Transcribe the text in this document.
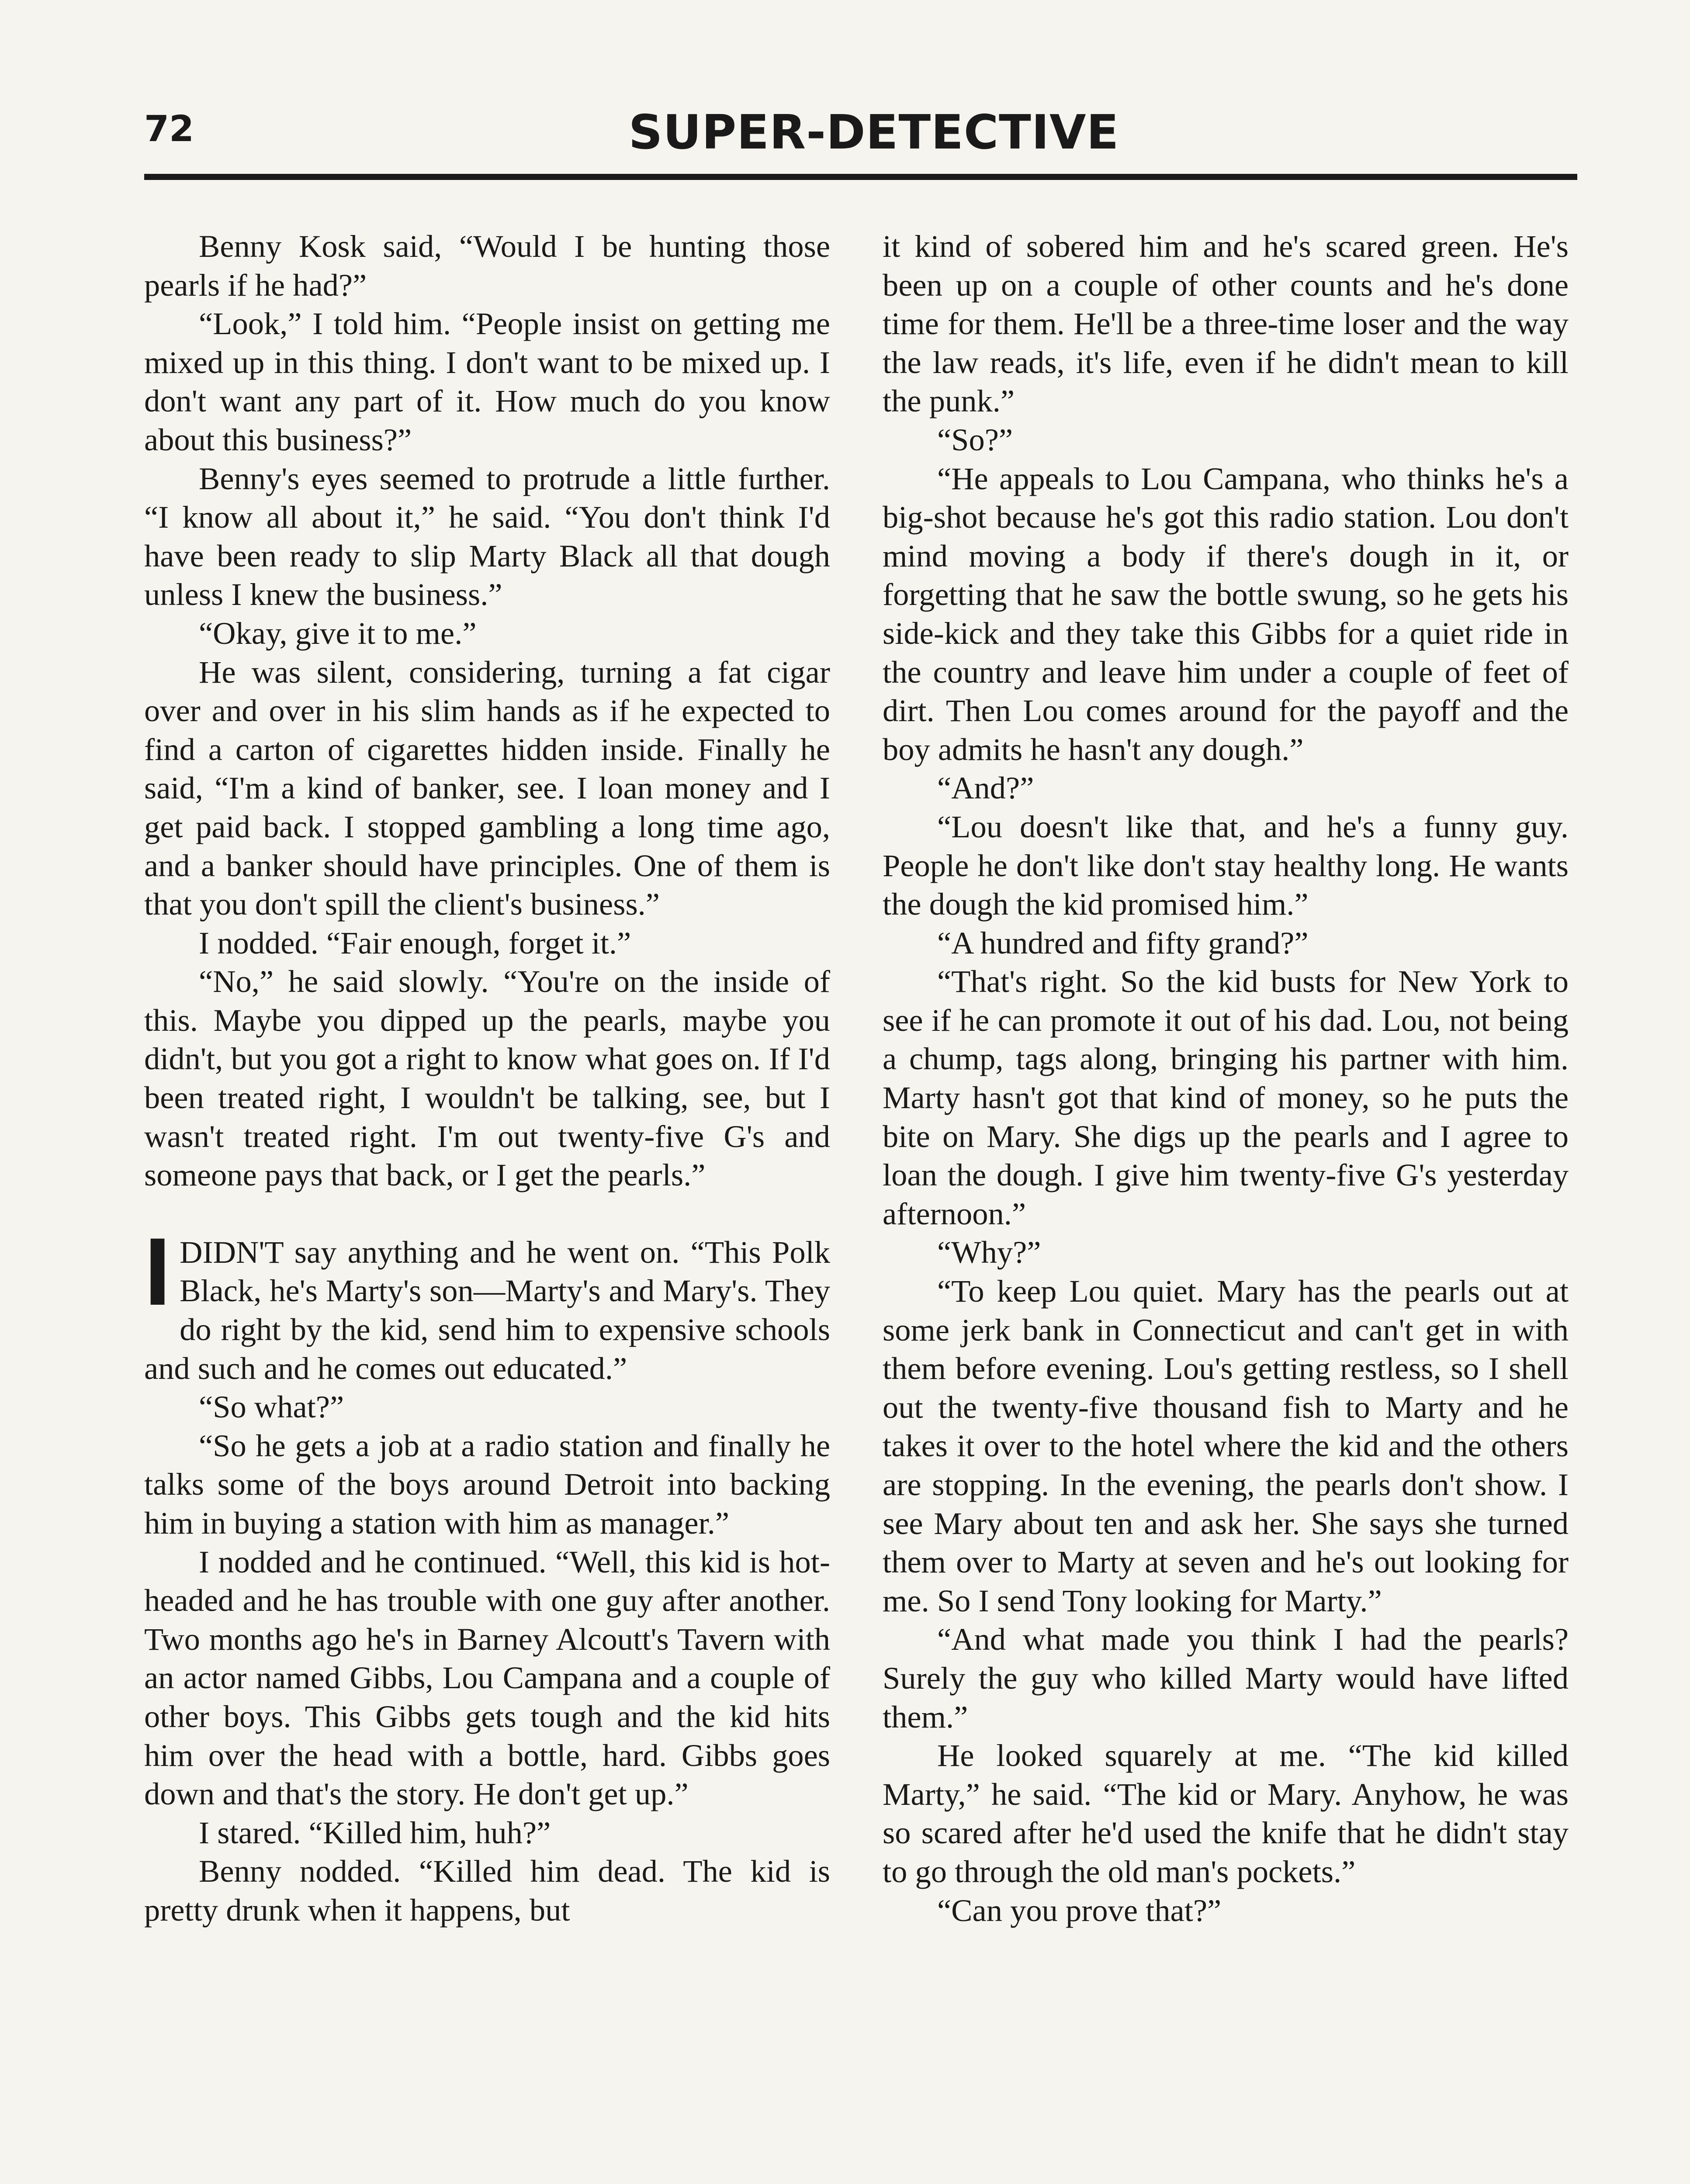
72	SUPER-DETECTIVE

Benny Kosk said, “Would I be hunting those pearls if he had?”

“Look,” I told him. “People insist on getting me mixed up in this thing. I don't want to be mixed up. I don't want any part of it. How much do you know about this business?”

Benny's eyes seemed to protrude a little further. “I know all about it,” he said. “You don't think I'd have been ready to slip Marty Black all that dough unless I knew the business.”

“Okay, give it to me.”

He was silent, considering, turning a fat cigar over and over in his slim hands as if he expected to find a carton of cigarettes hidden inside. Finally he said, “I'm a kind of banker, see. I loan money and I get paid back. I stopped gambling a long time ago, and a banker should have principles. One of them is that you don't spill the client's business.”

I nodded. “Fair enough, forget it.”

“No,” he said slowly. “You're on the inside of this. Maybe you dipped up the pearls, maybe you didn't, but you got a right to know what goes on. If I'd been treated right, I wouldn't be talking, see, but I wasn't treated right. I'm out twenty-five G's and someone pays that back, or I get the pearls.”

IDIDN'T say anything and he went on. “This Polk Black, he's Marty's son—Marty's and Mary's. They do right by the kid, send him to expensive schools and such and he comes out educated.”

“So what?”

“So he gets a job at a radio station and finally he talks some of the boys around Detroit into backing him in buying a station with him as manager.”

I nodded and he continued. “Well, this kid is hot-headed and he has trouble with one guy after another. Two months ago he's in Barney Alcoutt's Tavern with an actor named Gibbs, Lou Campana and a couple of other boys. This Gibbs gets tough and the kid hits him over the head with a bottle, hard. Gibbs goes down and that's the story. He don't get up.”

I stared. “Killed him, huh?”

Benny nodded. “Killed him dead. The kid is pretty drunk when it happens, but

it kind of sobered him and he's scared green. He's been up on a couple of other counts and he's done time for them. He'll be a three-time loser and the way the law reads, it's life, even if he didn't mean to kill the punk.”

“So?”

“He appeals to Lou Campana, who thinks he's a big-shot because he's got this radio station. Lou don't mind moving a body if there's dough in it, or forgetting that he saw the bottle swung, so he gets his side-kick and they take this Gibbs for a quiet ride in the country and leave him under a couple of feet of dirt. Then Lou comes around for the payoff and the boy admits he hasn't any dough.”

“And?”

“Lou doesn't like that, and he's a funny guy. People he don't like don't stay healthy long. He wants the dough the kid promised him.”

“A hundred and fifty grand?”

“That's right. So the kid busts for New York to see if he can promote it out of his dad. Lou, not being a chump, tags along, bringing his partner with him. Marty hasn't got that kind of money, so he puts the bite on Mary. She digs up the pearls and I agree to loan the dough. I give him twenty-five G's yesterday afternoon.”

“Why?”

“To keep Lou quiet. Mary has the pearls out at some jerk bank in Connecticut and can't get in with them before evening. Lou's getting restless, so I shell out the twenty-five thousand fish to Marty and he takes it over to the hotel where the kid and the others are stopping. In the evening, the pearls don't show. I see Mary about ten and ask her. She says she turned them over to Marty at seven and he's out looking for me. So I send Tony looking for Marty.”

“And what made you think I had the pearls? Surely the guy who killed Marty would have lifted them.”

He looked squarely at me. “The kid killed Marty,” he said. “The kid or Mary. Anyhow, he was so scared after he'd used the knife that he didn't stay to go through the old man's pockets.”

“Can you prove that?”
